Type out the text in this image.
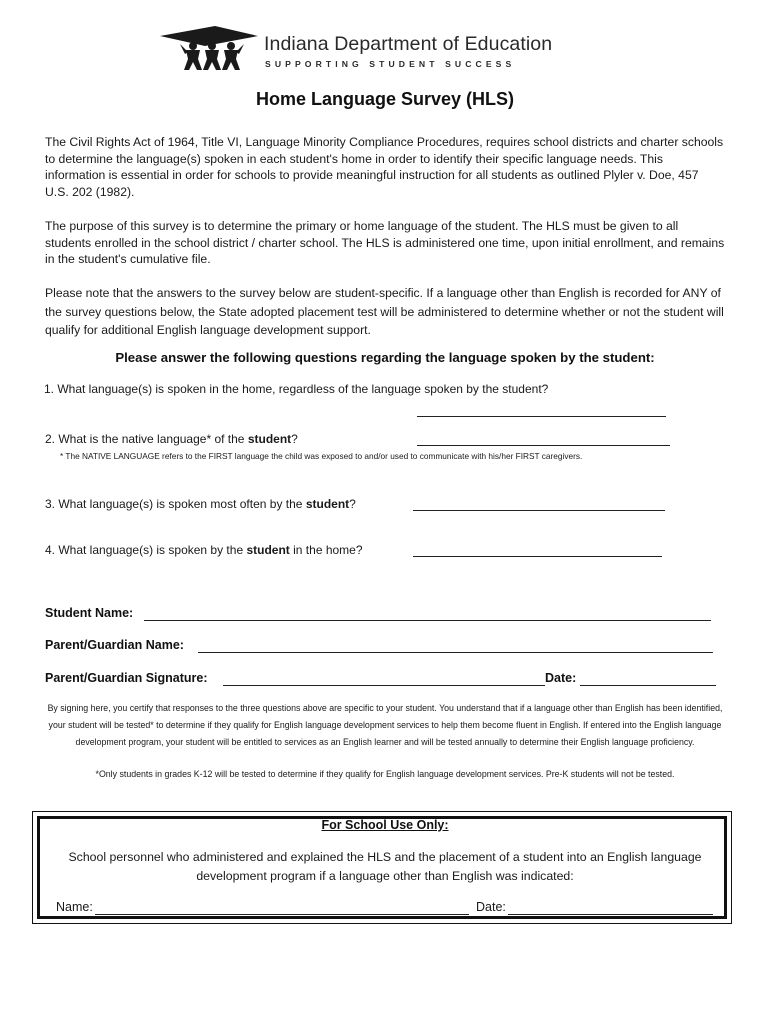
Indiana Department of Education
SUPPORTING STUDENT SUCCESS
Home Language Survey (HLS)
The Civil Rights Act of 1964, Title VI, Language Minority Compliance Procedures, requires school districts and charter schools to determine the language(s) spoken in each student's home in order to identify their specific language needs. This information is essential in order for schools to provide meaningful instruction for all students as outlined Plyler v. Doe, 457 U.S. 202 (1982).
The purpose of this survey is to determine the primary or home language of the student. The HLS must be given to all students enrolled in the school district / charter school. The HLS is administered one time, upon initial enrollment, and remains in the student's cumulative file.
Please note that the answers to the survey below are student-specific. If a language other than English is recorded for ANY of the survey questions below, the State adopted placement test will be administered to determine whether or not the student will qualify for additional English language development support.
Please answer the following questions regarding the language spoken by the student:
1. What language(s) is spoken in the home, regardless of the language spoken by the student?
2. What is the native language* of the student?
* The NATIVE LANGUAGE refers to the FIRST language the child was exposed to and/or used to communicate with his/her FIRST caregivers.
3. What language(s) is spoken most often by the student?
4. What language(s) is spoken by the student in the home?
Student Name:
Parent/Guardian Name:
Parent/Guardian Signature:	Date:
By signing here, you certify that responses to the three questions above are specific to your student. You understand that if a language other than English has been identified, your student will be tested* to determine if they qualify for English language development services to help them become fluent in English. If entered into the English language development program, your student will be entitled to services as an English learner and will be tested annually to determine their English language proficiency.
*Only students in grades K-12 will be tested to determine if they qualify for English language development services. Pre-K students will not be tested.
For School Use Only:
School personnel who administered and explained the HLS and the placement of a student into an English language development program if a language other than English was indicated:
Name:	Date:
